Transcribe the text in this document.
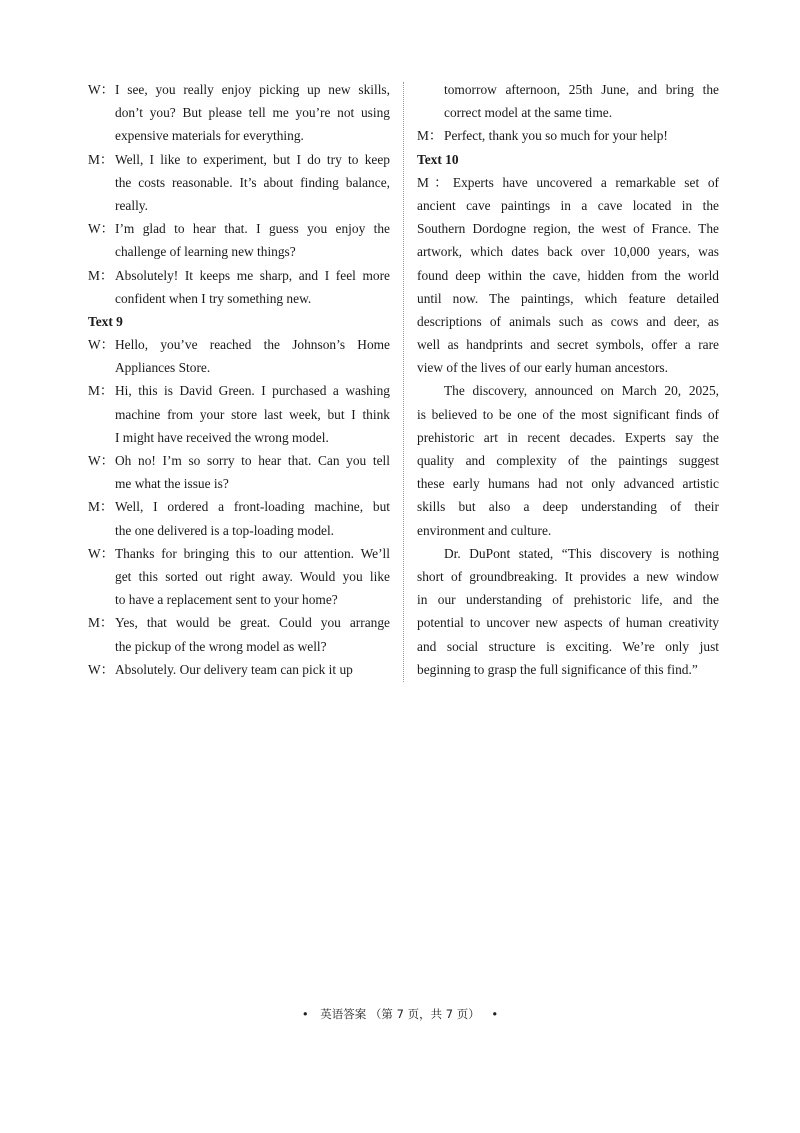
W： I see, you really enjoy picking up new skills,
don’t you? But please tell me you’re not using
expensive materials for everything.
M： Well, I like to experiment, but I do try to keep
the costs reasonable. It’s about finding balance,
really.
W： I’m glad to hear that. I guess you enjoy the
challenge of learning new things?
M： Absolutely! It keeps me sharp, and I feel more
confident when I try something new.
Text 9
W： Hello, you’ve reached the Johnson’s Home
Appliances Store.
M： Hi, this is David Green. I purchased a washing
machine from your store last week, but I think
I might have received the wrong model.
W： Oh no! I’m so sorry to hear that. Can you tell
me what the issue is?
M： Well, I ordered a front-loading machine, but
the one delivered is a top-loading model.
W： Thanks for bringing this to our attention. We’ll
get this sorted out right away. Would you like
to have a replacement sent to your home?
M： Yes, that would be great. Could you arrange
the pickup of the wrong model as well?
W： Absolutely. Our delivery team can pick it up
tomorrow afternoon, 25th June, and bring the
correct model at the same time.
M： Perfect, thank you so much for your help!
Text 10
M：Experts have uncovered a remarkable set of
ancient cave paintings in a cave located in the
Southern Dordogne region, the west of France. The
artwork, which dates back over 10,000 years, was
found deep within the cave, hidden from the world
until now. The paintings, which feature detailed
descriptions of animals such as cows and deer, as
well as handprints and secret symbols, offer a rare
view of the lives of our early human ancestors.
The discovery, announced on March 20, 2025,
is believed to be one of the most significant finds of
prehistoric art in recent decades. Experts say the
quality and complexity of the paintings suggest
these early humans had not only advanced artistic
skills but also a deep understanding of their
environment and culture.
Dr. DuPont stated, “This discovery is nothing
short of groundbreaking. It provides a new window
in our understanding of prehistoric life, and the
potential to uncover new aspects of human creativity
and social structure is exciting. We’re only just
beginning to grasp the full significance of this find.”
• 英语答案 （第 7 页，共 7 页） •
